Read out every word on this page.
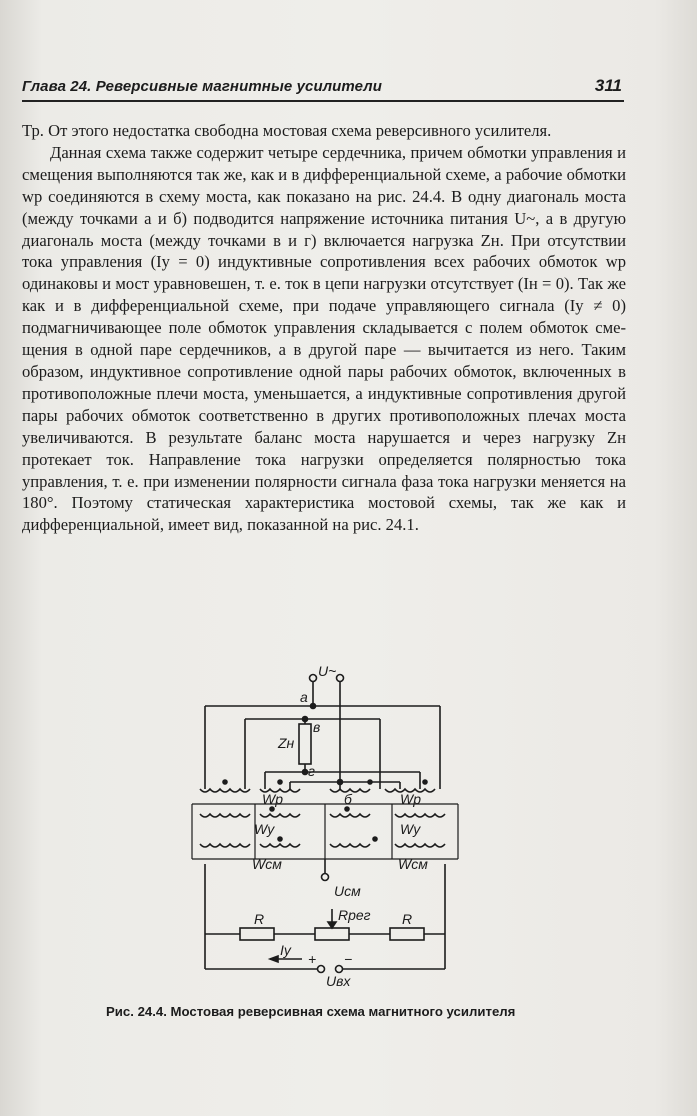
Глава 24. Реверсивные магнитные усилители	311

Тр. От этого недостатка свободна мостовая схема реверсивного усилителя.

Данная схема также содержит четыре сердечника, причем обмотки управления и смещения выполняются так же, как и в дифференциальной схеме, а рабочие обмотки wр соединяются в схему моста, как показано на рис. 24.4. В одну диагональ моста (между точками а и б) подводится напряжение источника питания U~, а в другую диагональ моста (между точками в и г) включается нагрузка Zн. При отсутствии тока управления (Iу = 0) индуктивные сопротивления всех рабочих обмоток wр одинаковы и мост уравновешен, т. е. ток в цепи нагрузки отсутствует (Iн = 0). Так же как и в дифференциальной схеме, при подаче управляющего сигнала (Iу ≠ 0) подмагничивающее поле обмоток управления складывается с полем обмоток смещения в одной паре сердечников, а в другой паре — вычитается из него. Таким образом, индуктивное сопротивление одной пары рабочих обмоток, включенных в противоположные плечи моста, уменьшается, а индуктивные сопротивления другой пары рабочих обмоток соответственно в других противоположных плечах моста увеличиваются. В результате баланс моста нарушается и через нагрузку Zн протекает ток. Направление тока нагрузки определяется полярностью тока управления, т. е. при изменении полярности сигнала фаза тока нагрузки меняется на 180°. Поэтому статическая характеристика мостовой схемы, так же как и дифференциальной, имеет вид, показанной на рис. 24.1.

U~
а
в
Zн
г
б
Wр	Wр
Wу	Wу
Wсм	Wсм
Uсм
R	Rрег R
Iу
+ −
Uвх
Рис. 24.4. Мостовая реверсивная схема магнитного усилителя
